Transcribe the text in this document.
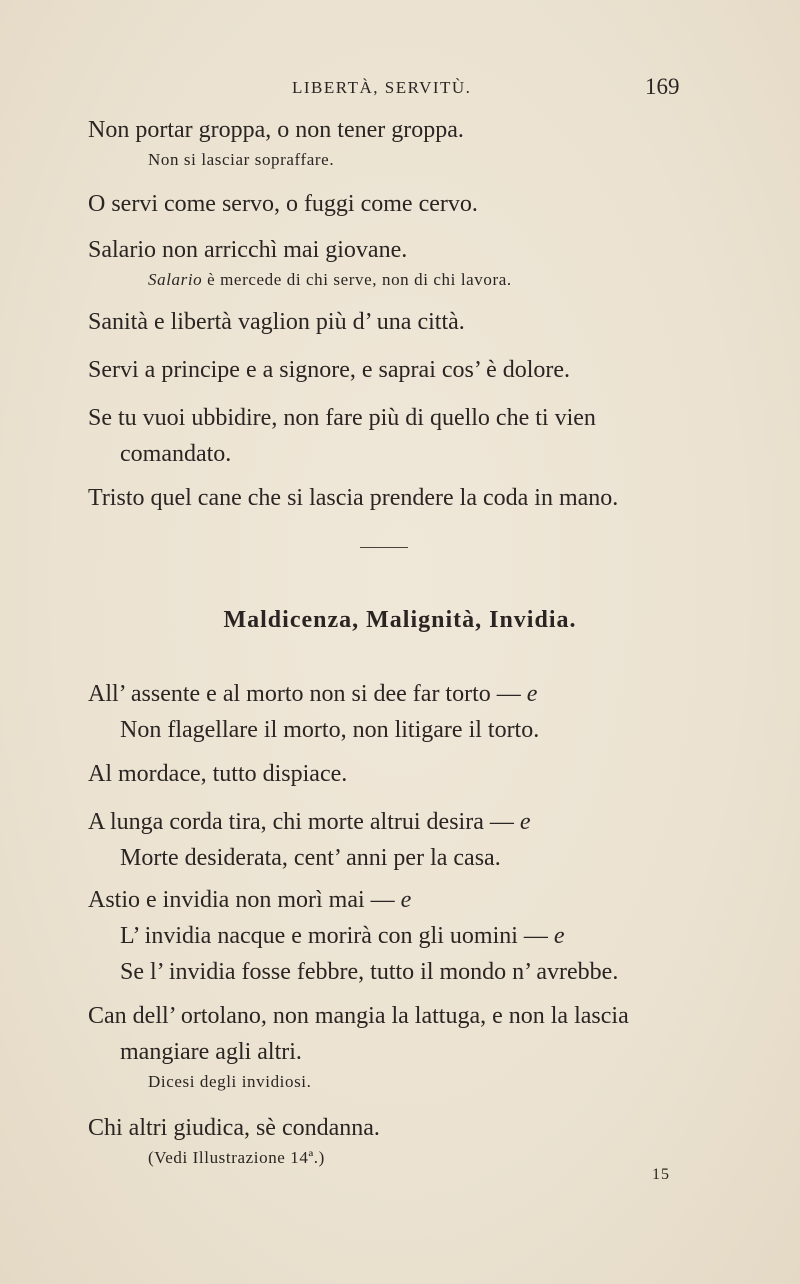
LIBERTÀ, SERVITÙ.	169
Non portar groppa, o non tener groppa.
Non si lasciar sopraffare.
O servi come servo, o fuggi come cervo.
Salario non arricchì mai giovane.
Salario è mercede di chi serve, non di chi lavora.
Sanità e libertà vaglion più d’ una città.
Servi a principe e a signore, e saprai cos’ è dolore.
Se tu vuoi ubbidire, non fare più di quello che ti vien
comandato.
Tristo quel cane che si lascia prendere la coda in mano.
Maldicenza, Malignità, Invidia.
All’ assente e al morto non si dee far torto — e
Non flagellare il morto, non litigare il torto.
Al mordace, tutto dispiace.
A lunga corda tira, chi morte altrui desira — e
Morte desiderata, cent’ anni per la casa.
Astio e invidia non morì mai — e
L’ invidia nacque e morirà con gli uomini — e
Se l’ invidia fosse febbre, tutto il mondo n’ avrebbe.
Can dell’ ortolano, non mangia la lattuga, e non la lascia
mangiare agli altri.
Dicesi degli invidiosi.
Chi altri giudica, sè condanna.
(Vedi Illustrazione 14ª.)
15
